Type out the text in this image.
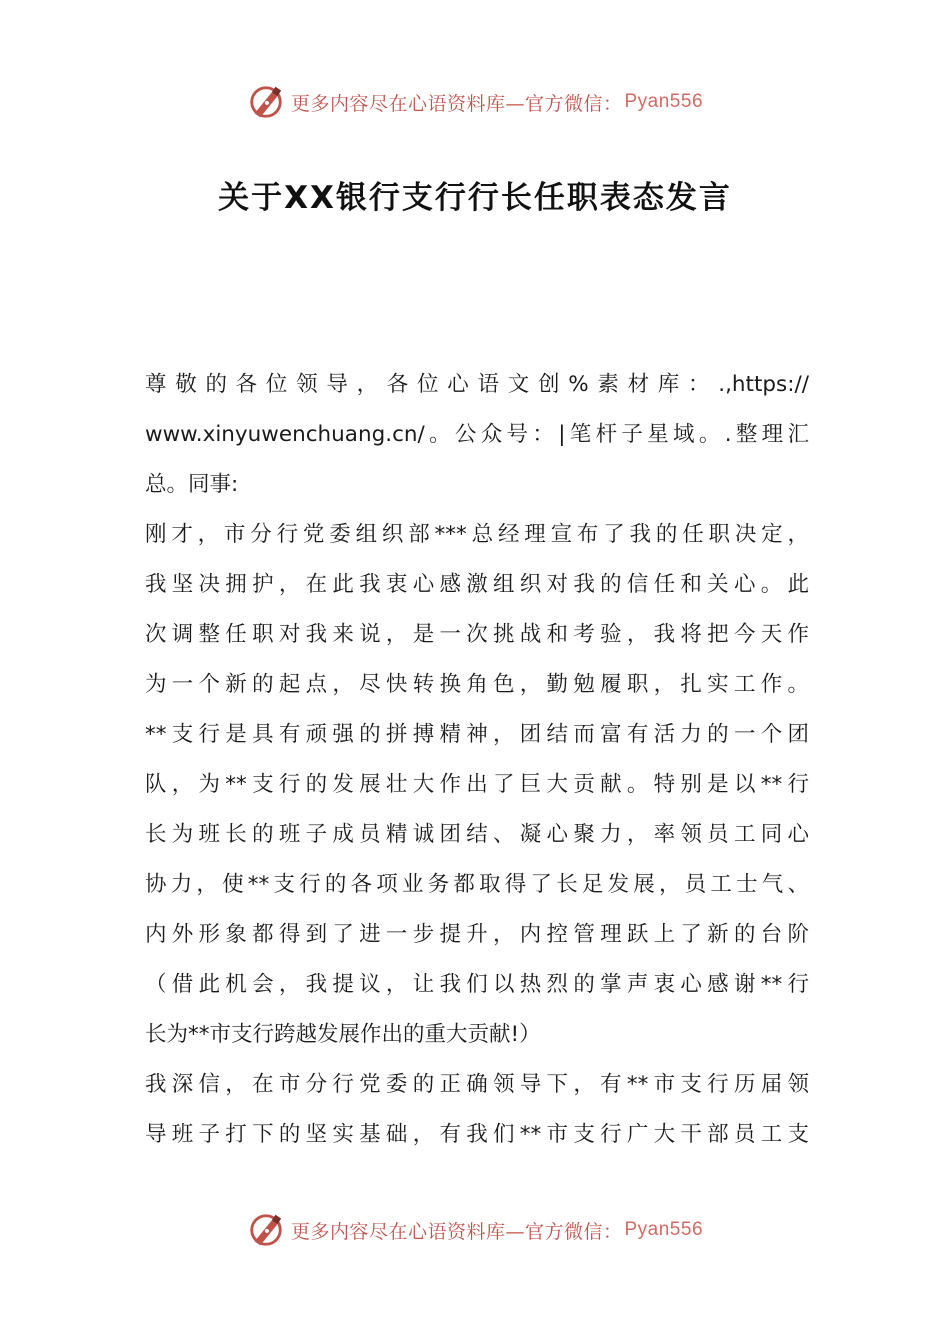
更多内容尽在心语资料库—官方微信： Pyan556
关于XX银行支行行长任职表态发言
尊敬的各位领导，各位心语文创%素材库：.,https://
www.xinyuwenchuang.cn/。公众号：|笔杆子星域。.整理汇
总。同事:
刚才，市分行党委组织部***总经理宣布了我的任职决定，
我坚决拥护，在此我衷心感激组织对我的信任和关心。此
次调整任职对我来说，是一次挑战和考验，我将把今天作
为一个新的起点，尽快转换角色，勤勉履职，扎实工作。
**支行是具有顽强的拼搏精神，团结而富有活力的一个团
队，为**支行的发展壮大作出了巨大贡献。特别是以**行
长为班长的班子成员精诚团结、凝心聚力，率领员工同心
协力，使**支行的各项业务都取得了长足发展，员工士气、
内外形象都得到了进一步提升，内控管理跃上了新的台阶
（借此机会，我提议，让我们以热烈的掌声衷心感谢**行
长为**市支行跨越发展作出的重大贡献!）
我深信，在市分行党委的正确领导下，有**市支行历届领
导班子打下的坚实基础，有我们**市支行广大干部员工支
更多内容尽在心语资料库—官方微信： Pyan556
